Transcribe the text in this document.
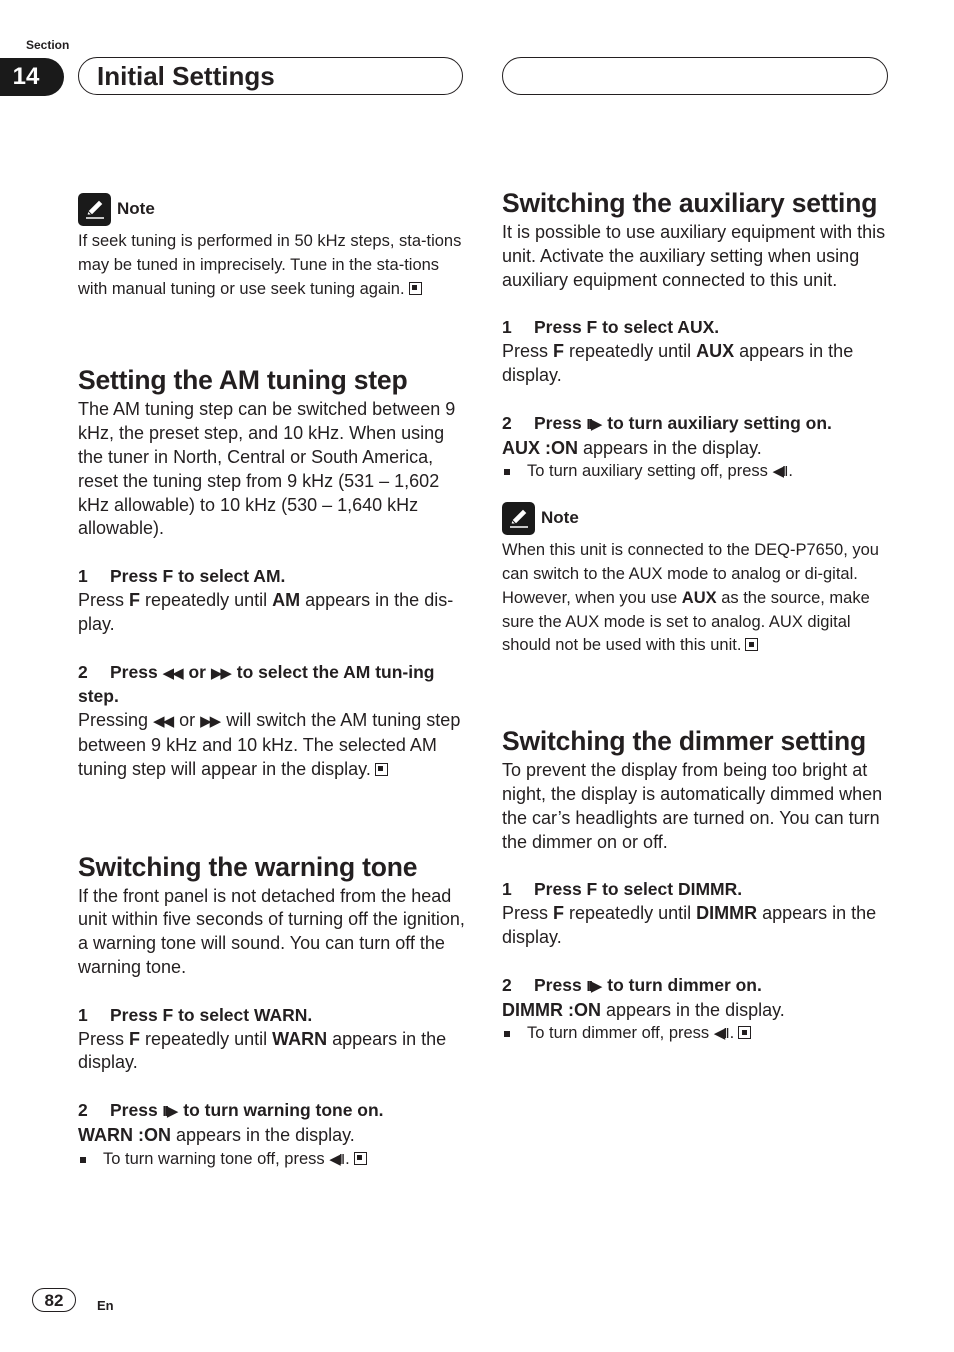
Section
14	Initial Settings
Note

If seek tuning is performed in 50 kHz steps, sta-tions may be tuned in imprecisely. Tune in the sta-tions with manual tuning or use seek tuning again.

Setting the AM tuning step

The AM tuning step can be switched between 9 kHz, the preset step, and 10 kHz. When using the tuner in North, Central or South America, reset the tuning step from 9 kHz (531 – 1,602 kHz allowable) to 10 kHz (530 – 1,640 kHz allowable).

1 Press F to select AM.

Press F repeatedly until AM appears in the dis-play.

2 Press ◀◀ or ▶▶ to select the AM tun-ing step.

Pressing ◀◀ or ▶▶ will switch the AM tuning step between 9 kHz and 10 kHz. The selected AM tuning step will appear in the display.

Switching the warning tone

If the front panel is not detached from the head unit within five seconds of turning off the ignition, a warning tone will sound. You can turn off the warning tone.

1 Press F to select WARN.

Press F repeatedly until WARN appears in the display.

2 Press II▶ to turn warning tone on.

WARN :ON appears in the display.

To turn warning tone off, press ◀II .

Switching the auxiliary setting

It is possible to use auxiliary equipment with this unit. Activate the auxiliary setting when using auxiliary equipment connected to this unit.

1 Press F to select AUX.

Press F repeatedly until AUX appears in the display.

2 Press II▶ to turn auxiliary setting on.

AUX :ON appears in the display.

To turn auxiliary setting off, press ◀II .

Note

When this unit is connected to the DEQ-P7650, you can switch to the AUX mode to analog or di-gital. However, when you use AUX as the source, make sure the AUX mode is set to analog. AUX digital should not be used with this unit.

Switching the dimmer setting

To prevent the display from being too bright at night, the display is automatically dimmed when the car’s headlights are turned on. You can turn the dimmer on or off.

1 Press F to select DIMMR.

Press F repeatedly until DIMMR appears in the display.

2 Press II▶ to turn dimmer on.

DIMMR :ON appears in the display.

To turn dimmer off, press ◀II .

82	En
